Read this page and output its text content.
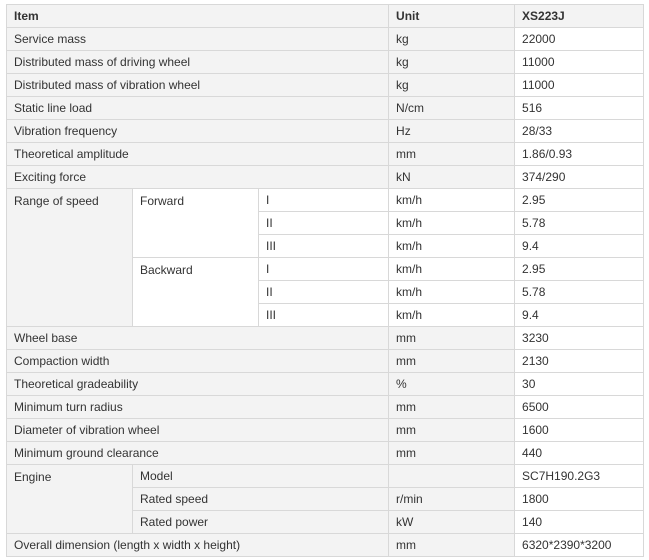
Item			Unit	XS223J
Service mass			kg	22000
Distributed mass of driving wheel			kg	11000
Distributed mass of vibration wheel			kg	11000
Static line load			N/cm	516
Vibration frequency			Hz	28/33
Theoretical amplitude			mm	1.86/0.93
Exciting force			kN	374/290
Range of speed	Forward	I	km/h	2.95
		II	km/h	5.78
		III	km/h	9.4
	Backward	I	km/h	2.95
		II	km/h	5.78
		III	km/h	9.4
Wheel base			mm	3230
Compaction width			mm	2130
Theoretical gradeability			%	30
Minimum turn radius			mm	6500
Diameter of vibration wheel			mm	1600
Minimum ground clearance			mm	440
Engine	Model			SC7H190.2G3
	Rated speed		r/min	1800
	Rated power		kW	140
Overall dimension (length x width x height)			mm	6320*2390*3200
